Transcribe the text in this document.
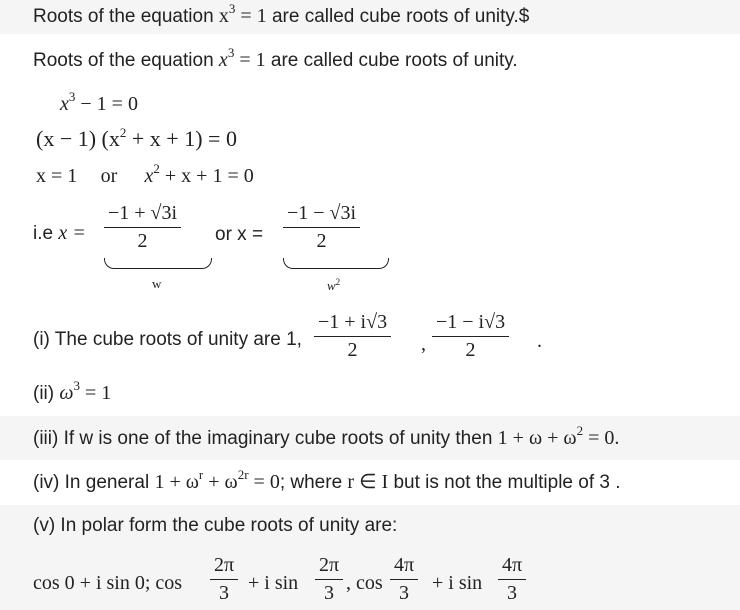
Roots of the equation $x^3 = 1$ are called cube roots of unity.$
Roots of the equation $x^3 = 1$ are called cube roots of unity.
$x^3 - 1 = 0$
(x − 1) $(x^2 + x + 1) = 0$
x = 1 or $x^2 + x + 1 = 0$
i.e x =
−1 + √3i
2
w
or x =
−1 − √3i
2
$w^2$
(i) The cube roots of unity are 1,
−1 + i√3
2	,
−1 − i√3
2	.
(ii) $\omega^3 = 1$
(iii) If w is one of the imaginary cube roots of unity then $1 + \omega + \omega^2 = 0$.
(iv) In general $1 + \omega^r + \omega^{2r} = 0$; where r ∈ I but is not the multiple of 3 .
(v) In polar form the cube roots of unity are:
cos 0 + i sin 0; cos
2π
3 + i sin
2π
3 , cos
4π
3	+ i sin
4π
3
